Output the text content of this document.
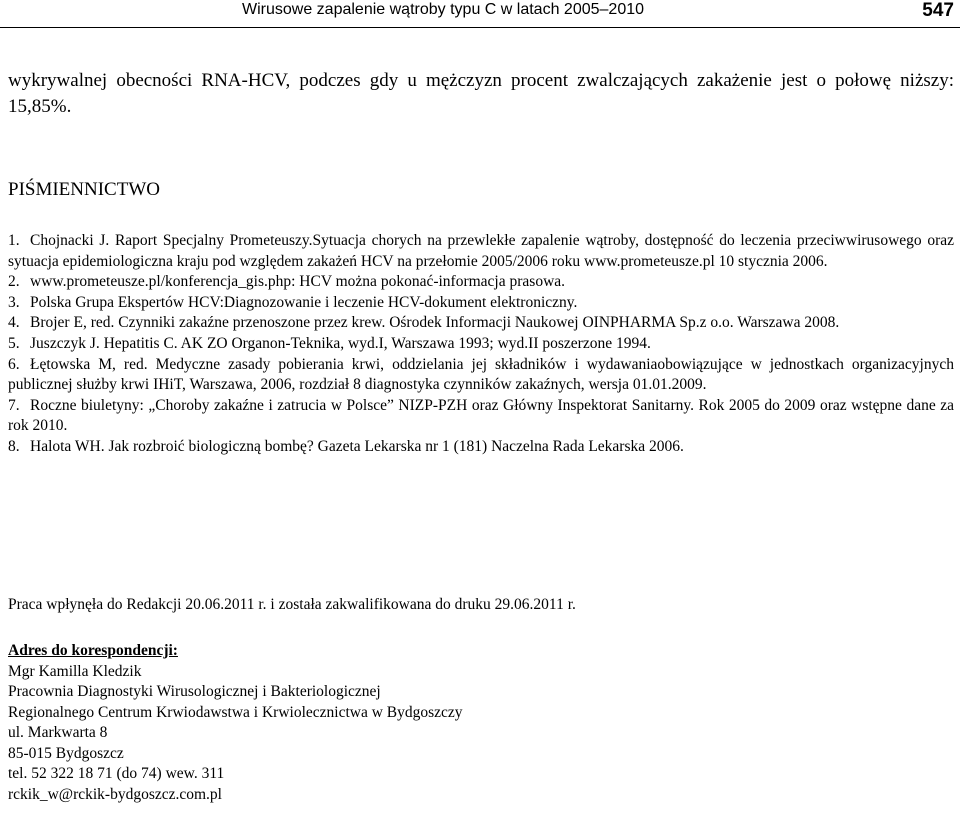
Wirusowe zapalenie wątroby typu C w latach 2005–2010	547
wykrywalnej obecności RNA-HCV, podczes gdy u mężczyzn procent zwalczających zakażenie jest o połowę niższy: 15,85%.
PIŚMIENNICTWO
1. Chojnacki J. Raport Specjalny Prometeuszy.Sytuacja chorych na przewlekłe zapalenie wątroby, dostępność do leczenia przeciwwirusowego oraz sytuacja epidemiologiczna kraju pod względem zakażeń HCV na przełomie 2005/2006 roku www.prometeusze.pl 10 stycznia 2006.
2. www.prometeusze.pl/konferencja_gis.php: HCV można pokonać-informacja prasowa.
3. Polska Grupa Ekspertów HCV:Diagnozowanie i leczenie HCV-dokument elektroniczny.
4. Brojer E, red. Czynniki zakaźne przenoszone przez krew. Ośrodek Informacji Naukowej OINPHARMA Sp.z o.o. Warszawa 2008.
5. Juszczyk J. Hepatitis C. AK ZO Organon-Teknika, wyd.I, Warszawa 1993; wyd.II poszerzone 1994.
6. Łętowska M, red. Medyczne zasady pobierania krwi, oddzielania jej składników i wydawaniaobowiązujące w jednostkach organizacyjnych publicznej służby krwi IHiT, Warszawa, 2006, rozdział 8 diagnostyka czynników zakaźnych, wersja 01.01.2009.
7. Roczne biuletyny: „Choroby zakaźne i zatrucia w Polsce” NIZP-PZH oraz Główny Inspektorat Sanitarny. Rok 2005 do 2009 oraz wstępne dane za rok 2010.
8. Halota WH. Jak rozbroić biologiczną bombę? Gazeta Lekarska nr 1 (181) Naczelna Rada Lekarska 2006.
Praca wpłynęła do Redakcji 20.06.2011 r. i została zakwalifikowana do druku 29.06.2011 r.
Adres do korespondencji:
Mgr Kamilla Kledzik
Pracownia Diagnostyki Wirusologicznej i Bakteriologicznej
Regionalnego Centrum Krwiodawstwa i Krwiolecznictwa w Bydgoszczy
ul. Markwarta 8
85-015 Bydgoszcz
tel. 52 322 18 71 (do 74) wew. 311
rckik_w@rckik-bydgoszcz.com.pl
